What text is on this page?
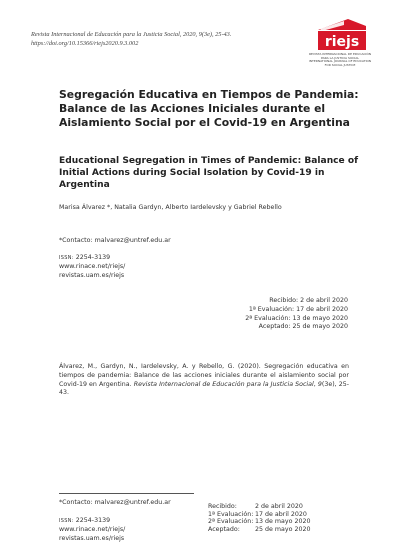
Revista Internacional de Educación para la Justicia Social, 2020, 9(3e), 25-43.
https://doi.org/10.15366/riejs2020.9.3.002	riejs
REVISTA INTERNACIONAL DE EDUCACIÓN
PARA LA JUSTICIA SOCIAL
INTERNATIONAL JOURNAL OF EDUCATION FOR SOCIAL JUSTICE
Segregación Educativa en Tiempos de Pandemia: Balance de las Acciones Iniciales durante el Aislamiento Social por el Covid-19 en Argentina
Educational Segregation in Times of Pandemic: Balance of Initial Actions during Social Isolation by Covid-19 in Argentina
Marisa Álvarez *, Natalia Gardyn, Alberto Iardelevsky y Gabriel Rebello
*Contacto: malvarez@untref.edu.ar
ISSN: 2254-3139
www.rinace.net/riejs/
revistas.uam.es/riejs
Recibido: 2 de abril 2020
1ª Evaluación: 17 de abril 2020
2ª Evaluación: 13 de mayo 2020
Aceptado: 25 de mayo 2020
Álvarez, M., Gardyn, N., Iardelevsky, A. y Rebello, G. (2020). Segregación educativa en tiempos de pandemia: Balance de las acciones iniciales durante el aislamiento social por Covid-19 en Argentina. Revista Internacional de Educación para la Justicia Social, 9(3e), 25-43.
*Contacto: malvarez@untref.edu.ar
ISSN: 2254-3139
www.rinace.net/riejs/
revistas.uam.es/riejs
Recibido:	2 de abril 2020
1ª Evaluación:	17 de abril 2020
2ª Evaluación:	13 de mayo 2020
Aceptado:	25 de mayo 2020
